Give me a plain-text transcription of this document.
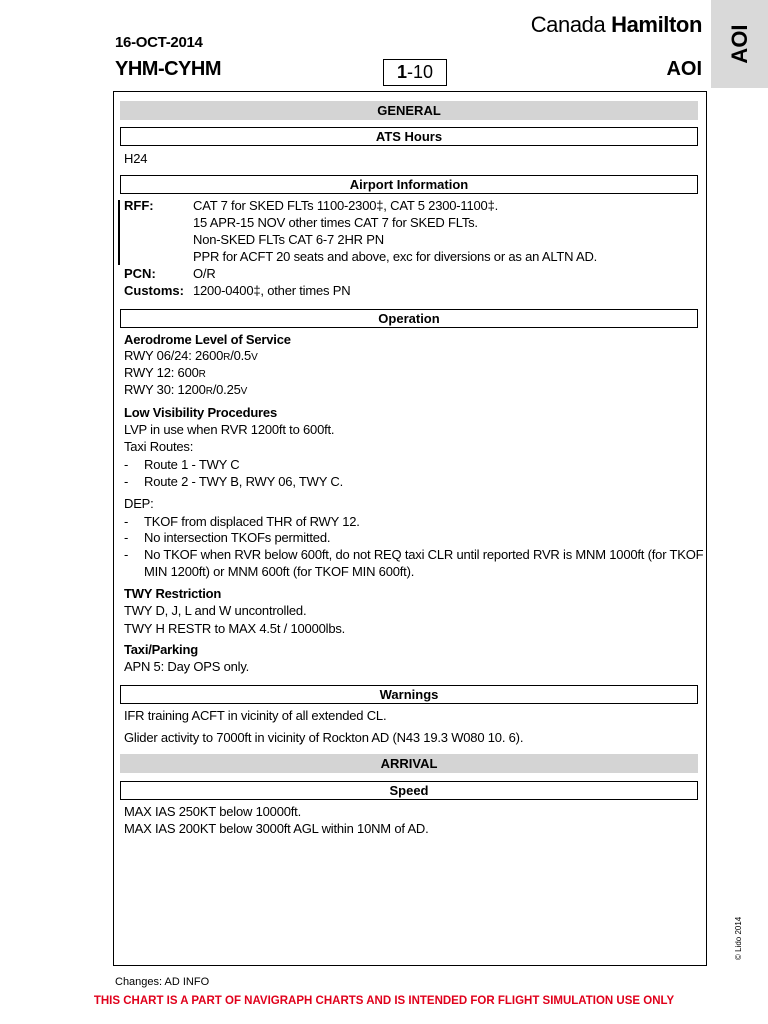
16-OCT-2014
YHM-CYHM	1-10
Canada Hamilton
AOI
AOI
GENERAL
ATS Hours
H24
Airport Information
RFF:	CAT 7 for SKED FLTs 1100-2300‡, CAT 5 2300-1100‡.
15 APR-15 NOV other times CAT 7 for SKED FLTs.
Non-SKED FLTs CAT 6-7 2HR PN
PPR for ACFT 20 seats and above, exc for diversions or as an ALTN AD.
PCN:	O/R
Customs: 1200-0400‡, other times PN
Operation
Aerodrome Level of Service
RWY 06/24: 2600R/0.5V
RWY 12: 600R
RWY 30: 1200R/0.25V
Low Visibility Procedures
LVP in use when RVR 1200ft to 600ft.
Taxi Routes:
- Route 1 - TWY C
- Route 2 - TWY B, RWY 06, TWY C.
DEP:
- TKOF from displaced THR of RWY 12.
- No intersection TKOFs permitted.
- No TKOF when RVR below 600ft, do not REQ taxi CLR until reported RVR is MNM 1000ft (for TKOF
MIN 1200ft) or MNM 600ft (for TKOF MIN 600ft).
TWY Restriction
TWY D, J, L and W uncontrolled.
TWY H RESTR to MAX 4.5t / 10000lbs.
Taxi/Parking
APN 5: Day OPS only.
Warnings
IFR training ACFT in vicinity of all extended CL.
Glider activity to 7000ft in vicinity of Rockton AD (N43 19.3 W080 10. 6).
ARRIVAL
Speed
MAX IAS 250KT below 10000ft.
MAX IAS 200KT below 3000ft AGL within 10NM of AD.
Changes: AD INFO
© Lido 2014
THIS CHART IS A PART OF NAVIGRAPH CHARTS AND IS INTENDED FOR FLIGHT SIMULATION USE ONLY
